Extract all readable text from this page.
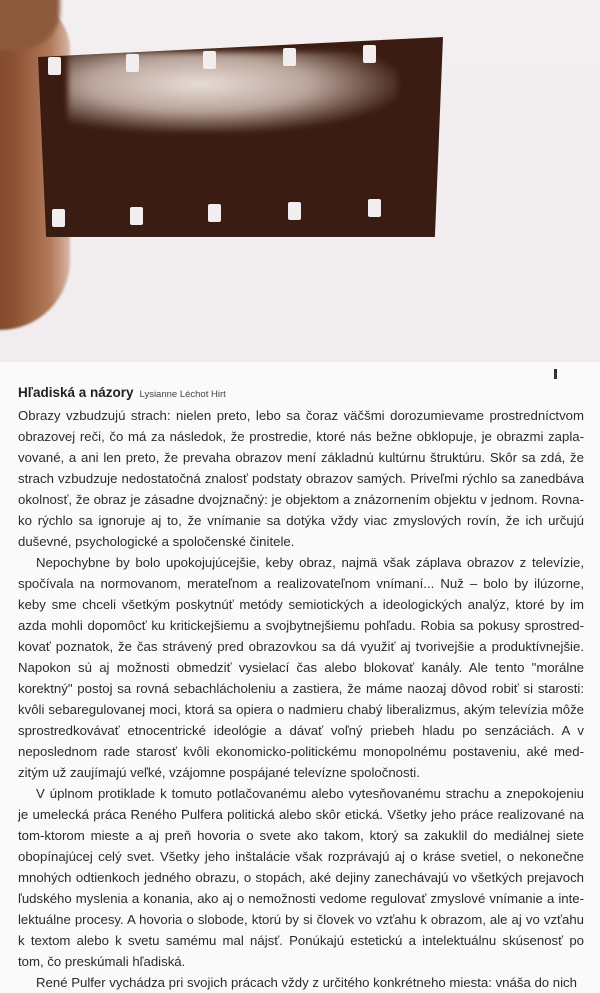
Hľadiská a názory Lysianne Léchot Hirt
Obrazy vzbudzujú strach: nielen preto, lebo sa čoraz väčšmi dorozumievame prostredníctvom
obrazovej reči, čo má za následok, že prostredie, ktoré nás bežne obklopuje, je obrazmi zapla-
vované, a ani len preto, že prevaha obrazov mení základnú kultúrnu štruktúru. Skôr sa zdá, že
strach vzbudzuje nedostatočná znalosť podstaty obrazov samých. Priveľmi rýchlo sa zanedbáva
okolnosť, že obraz je zásadne dvojznačný: je objektom a znázornením objektu v jednom. Rovna-
ko rýchlo sa ignoruje aj to, že vnímanie sa dotýka vždy viac zmyslových rovín, že ich určujú
duševné, psychologické a spoločenské činitele.
Nepochybne by bolo upokojujúcejšie, keby obraz, najmä však záplava obrazov z televízie,
spočívala na normovanom, merateľnom a realizovateľnom vnímaní... Nuž – bolo by ilúzorne,
keby sme chceli všetkým poskytnúť metódy semiotických a ideologických analýz, ktoré by im
azda mohli dopomôcť ku kritickejšiemu a svojbytnejšiemu pohľadu. Robia sa pokusy sprostred-
kovať poznatok, že čas strávený pred obrazovkou sa dá využiť aj tvorivejšie a produktívnejšie.
Napokon sú aj možnosti obmedziť vysielací čas alebo blokovať kanály. Ale tento "morálne
korektný" postoj sa rovná sebachlácholeniu a zastiera, že máme naozaj dôvod robiť si starosti:
kvôli sebaregulovanej moci, ktorá sa opiera o nadmieru chabý liberalizmus, akým televízia môže
sprostredkovávať etnocentrické ideológie a dávať voľný priebeh hladu po senzáciách. A v
neposlednom rade starosť kvôli ekonomicko-politickému monopolnému postaveniu, aké med-
zitým už zaujímajú veľké, vzájomne pospájané televízne spoločnosti.
V úplnom protiklade k tomuto potlačovanému alebo vytesňovanému strachu a znepokojeniu
je umelecká práca Reného Pulfera politická alebo skôr etická. Všetky jeho práce realizované na
tom-ktorom mieste a aj preň hovoria o svete ako takom, ktorý sa zakuklil do mediálnej siete
obopínajúcej celý svet. Všetky jeho inštalácie však rozprávajú aj o kráse svetiel, o nekonečne
mnohých odtienkoch jedného obrazu, o stopách, aké dejiny zanechávajú vo všetkých prejavoch
ľudského myslenia a konania, ako aj o nemožnosti vedome regulovať zmyslové vnímanie a inte-
lektuálne procesy. A hovoria o slobode, ktorú by si človek vo vzťahu k obrazom, ale aj vo vzťahu
k textom alebo k svetu samému mal nájsť. Ponúkajú estetickú a intelektuálnu skúsenosť po
tom, čo preskúmali hľadiská.
René Pulfer vychádza pri svojich prácach vždy z určitého konkrétneho miesta: vnáša do nich
